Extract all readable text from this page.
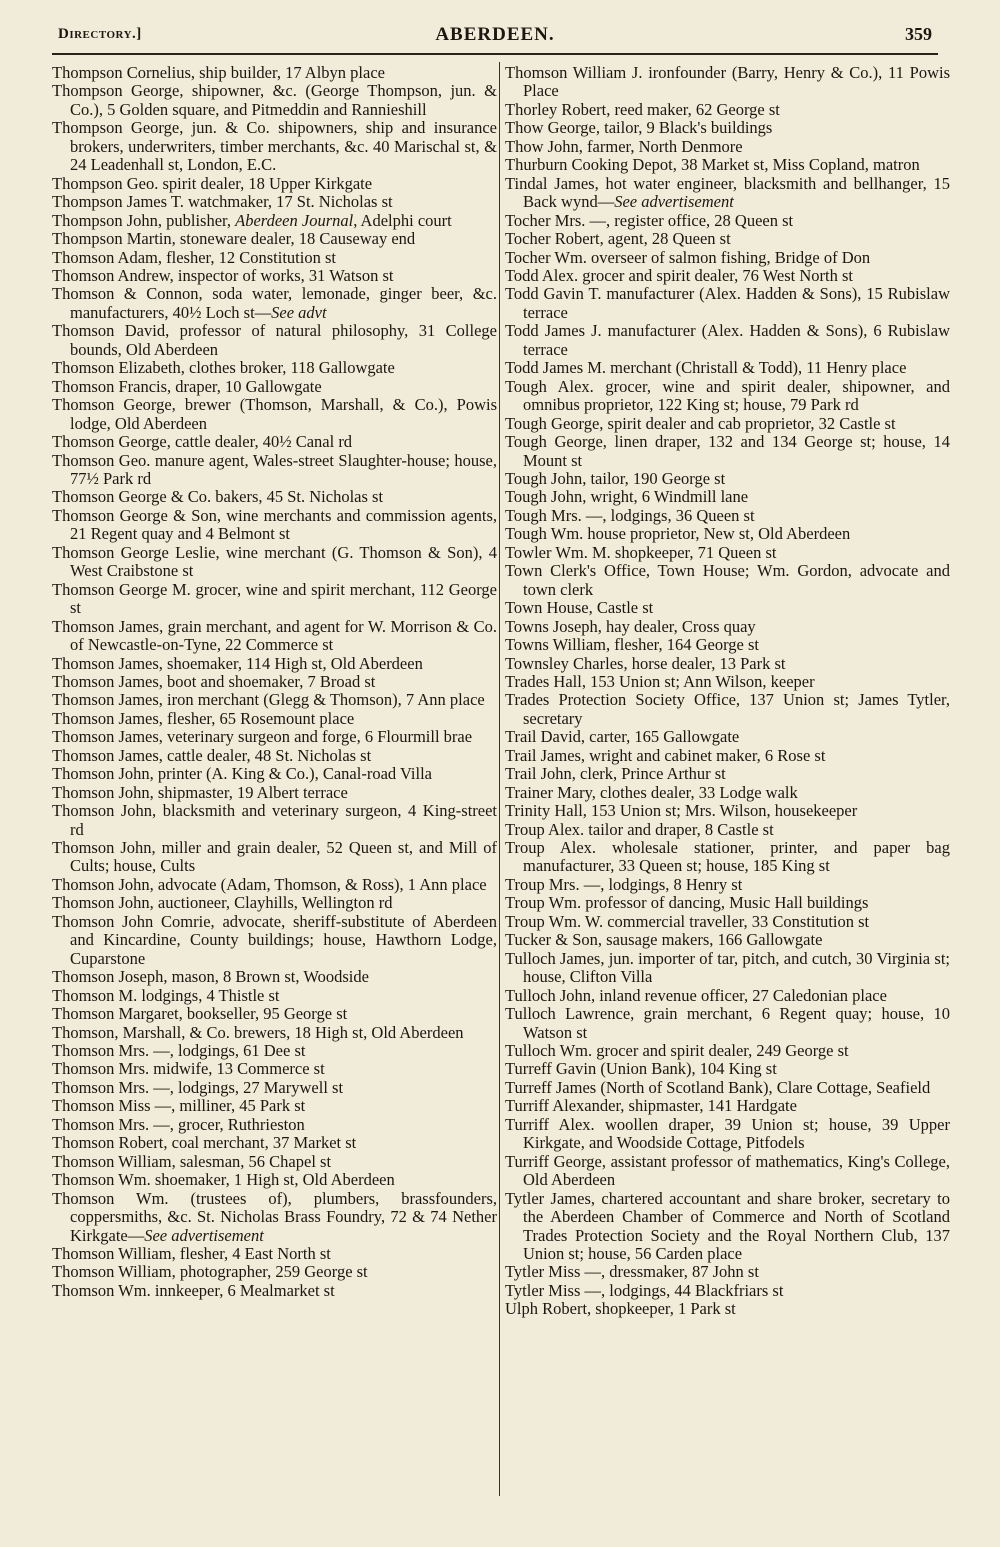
Directory.]	ABERDEEN.	359
Thompson Cornelius, ship builder, 17 Albyn place
Thompson George, shipowner, &c. (George Thompson, jun. & Co.), 5 Golden square, and Pitmeddin and Rannieshill
Thompson George, jun. & Co. shipowners, ship and insurance brokers, underwriters, timber merchants, &c. 40 Marischal st, & 24 Leadenhall st, London, E.C.
Thompson Geo. spirit dealer, 18 Upper Kirkgate
Thompson James T. watchmaker, 17 St. Nicholas st
Thompson John, publisher, Aberdeen Journal, Adelphi court
Thompson Martin, stoneware dealer, 18 Causeway end
Thomson Adam, flesher, 12 Constitution st
Thomson Andrew, inspector of works, 31 Watson st
Thomson & Connon, soda water, lemonade, ginger beer, &c. manufacturers, 40½ Loch st—See advt
Thomson David, professor of natural philosophy, 31 College bounds, Old Aberdeen
Thomson Elizabeth, clothes broker, 118 Gallowgate
Thomson Francis, draper, 10 Gallowgate
Thomson George, brewer (Thomson, Marshall, & Co.), Powis lodge, Old Aberdeen
Thomson George, cattle dealer, 40½ Canal rd
Thomson Geo. manure agent, Wales-street Slaughter-house; house, 77½ Park rd
Thomson George & Co. bakers, 45 St. Nicholas st
Thomson George & Son, wine merchants and commission agents, 21 Regent quay and 4 Belmont st
Thomson George Leslie, wine merchant (G. Thomson & Son), 4 West Craibstone st
Thomson George M. grocer, wine and spirit merchant, 112 George st
Thomson James, grain merchant, and agent for W. Morrison & Co. of Newcastle-on-Tyne, 22 Commerce st
Thomson James, shoemaker, 114 High st, Old Aberdeen
Thomson James, boot and shoemaker, 7 Broad st
Thomson James, iron merchant (Glegg & Thomson), 7 Ann place
Thomson James, flesher, 65 Rosemount place
Thomson James, veterinary surgeon and forge, 6 Flourmill brae
Thomson James, cattle dealer, 48 St. Nicholas st
Thomson John, printer (A. King & Co.), Canal-road Villa
Thomson John, shipmaster, 19 Albert terrace
Thomson John, blacksmith and veterinary surgeon, 4 King-street rd
Thomson John, miller and grain dealer, 52 Queen st, and Mill of Cults; house, Cults
Thomson John, advocate (Adam, Thomson, & Ross), 1 Ann place
Thomson John, auctioneer, Clayhills, Wellington rd
Thomson John Comrie, advocate, sheriff-substitute of Aberdeen and Kincardine, County buildings; house, Hawthorn Lodge, Cuparstone
Thomson Joseph, mason, 8 Brown st, Woodside
Thomson M. lodgings, 4 Thistle st
Thomson Margaret, bookseller, 95 George st
Thomson, Marshall, & Co. brewers, 18 High st, Old Aberdeen
Thomson Mrs. —, lodgings, 61 Dee st
Thomson Mrs. midwife, 13 Commerce st
Thomson Mrs. —, lodgings, 27 Marywell st
Thomson Miss —, milliner, 45 Park st
Thomson Mrs. —, grocer, Ruthrieston
Thomson Robert, coal merchant, 37 Market st
Thomson William, salesman, 56 Chapel st
Thomson Wm. shoemaker, 1 High st, Old Aberdeen
Thomson Wm. (trustees of), plumbers, brassfounders, coppersmiths, &c. St. Nicholas Brass Foundry, 72 & 74 Nether Kirkgate—See advertisement
Thomson William, flesher, 4 East North st
Thomson William, photographer, 259 George st
Thomson Wm. innkeeper, 6 Mealmarket st
Thomson William J. ironfounder (Barry, Henry & Co.), 11 Powis Place
Thorley Robert, reed maker, 62 George st
Thow George, tailor, 9 Black's buildings
Thow John, farmer, North Denmore
Thurburn Cooking Depot, 38 Market st, Miss Copland, matron
Tindal James, hot water engineer, blacksmith and bellhanger, 15 Back wynd—See advertisement
Tocher Mrs. —, register office, 28 Queen st
Tocher Robert, agent, 28 Queen st
Tocher Wm. overseer of salmon fishing, Bridge of Don
Todd Alex. grocer and spirit dealer, 76 West North st
Todd Gavin T. manufacturer (Alex. Hadden & Sons), 15 Rubislaw terrace
Todd James J. manufacturer (Alex. Hadden & Sons), 6 Rubislaw terrace
Todd James M. merchant (Christall & Todd), 11 Henry place
Tough Alex. grocer, wine and spirit dealer, shipowner, and omnibus proprietor, 122 King st; house, 79 Park rd
Tough George, spirit dealer and cab proprietor, 32 Castle st
Tough George, linen draper, 132 and 134 George st; house, 14 Mount st
Tough John, tailor, 190 George st
Tough John, wright, 6 Windmill lane
Tough Mrs. —, lodgings, 36 Queen st
Tough Wm. house proprietor, New st, Old Aberdeen
Towler Wm. M. shopkeeper, 71 Queen st
Town Clerk's Office, Town House; Wm. Gordon, advocate and town clerk
Town House, Castle st
Towns Joseph, hay dealer, Cross quay
Towns William, flesher, 164 George st
Townsley Charles, horse dealer, 13 Park st
Trades Hall, 153 Union st; Ann Wilson, keeper
Trades Protection Society Office, 137 Union st; James Tytler, secretary
Trail David, carter, 165 Gallowgate
Trail James, wright and cabinet maker, 6 Rose st
Trail John, clerk, Prince Arthur st
Trainer Mary, clothes dealer, 33 Lodge walk
Trinity Hall, 153 Union st; Mrs. Wilson, housekeeper
Troup Alex. tailor and draper, 8 Castle st
Troup Alex. wholesale stationer, printer, and paper bag manufacturer, 33 Queen st; house, 185 King st
Troup Mrs. —, lodgings, 8 Henry st
Troup Wm. professor of dancing, Music Hall buildings
Troup Wm. W. commercial traveller, 33 Constitution st
Tucker & Son, sausage makers, 166 Gallowgate
Tulloch James, jun. importer of tar, pitch, and cutch, 30 Virginia st; house, Clifton Villa
Tulloch John, inland revenue officer, 27 Caledonian place
Tulloch Lawrence, grain merchant, 6 Regent quay; house, 10 Watson st
Tulloch Wm. grocer and spirit dealer, 249 George st
Turreff Gavin (Union Bank), 104 King st
Turreff James (North of Scotland Bank), Clare Cottage, Seafield
Turriff Alexander, shipmaster, 141 Hardgate
Turriff Alex. woollen draper, 39 Union st; house, 39 Upper Kirkgate, and Woodside Cottage, Pitfodels
Turriff George, assistant professor of mathematics, King's College, Old Aberdeen
Tytler James, chartered accountant and share broker, secretary to the Aberdeen Chamber of Commerce and North of Scotland Trades Protection Society and the Royal Northern Club, 137 Union st; house, 56 Carden place
Tytler Miss —, dressmaker, 87 John st
Tytler Miss —, lodgings, 44 Blackfriars st
Ulph Robert, shopkeeper, 1 Park st
